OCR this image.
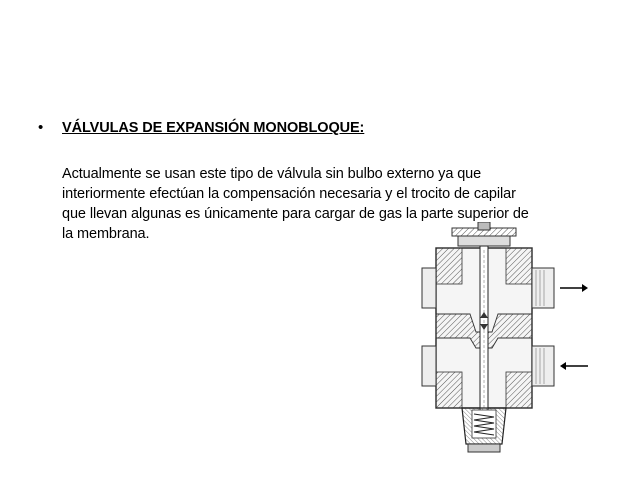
•	VÁLVULAS DE EXPANSIÓN MONOBLOQUE:

Actualmente se usan este tipo de válvula sin bulbo externo ya que
interiormente efectúan la compensación necesaria y el trocito de capilar
que llevan algunas es únicamente para cargar de gas la parte superior de
la membrana.
